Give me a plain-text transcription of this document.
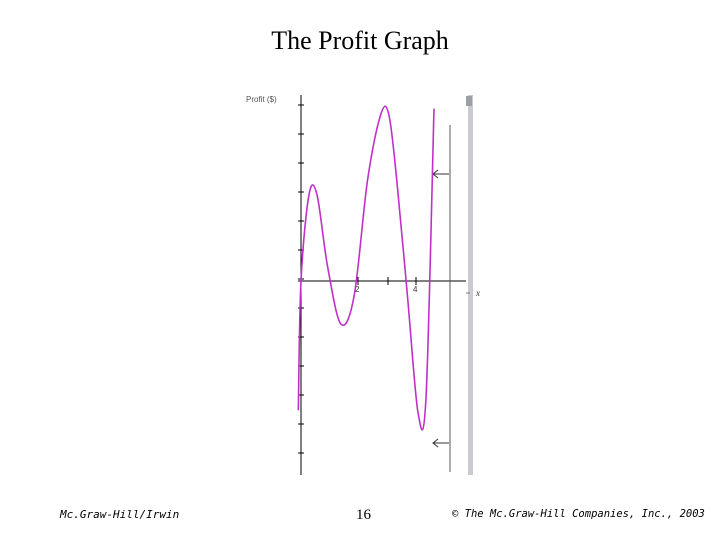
The Profit Graph
Profit ($)
2	4	x
Mc.Graw-Hill/Irwin	16	© The Mc.Graw-Hill Companies, Inc., 2003
